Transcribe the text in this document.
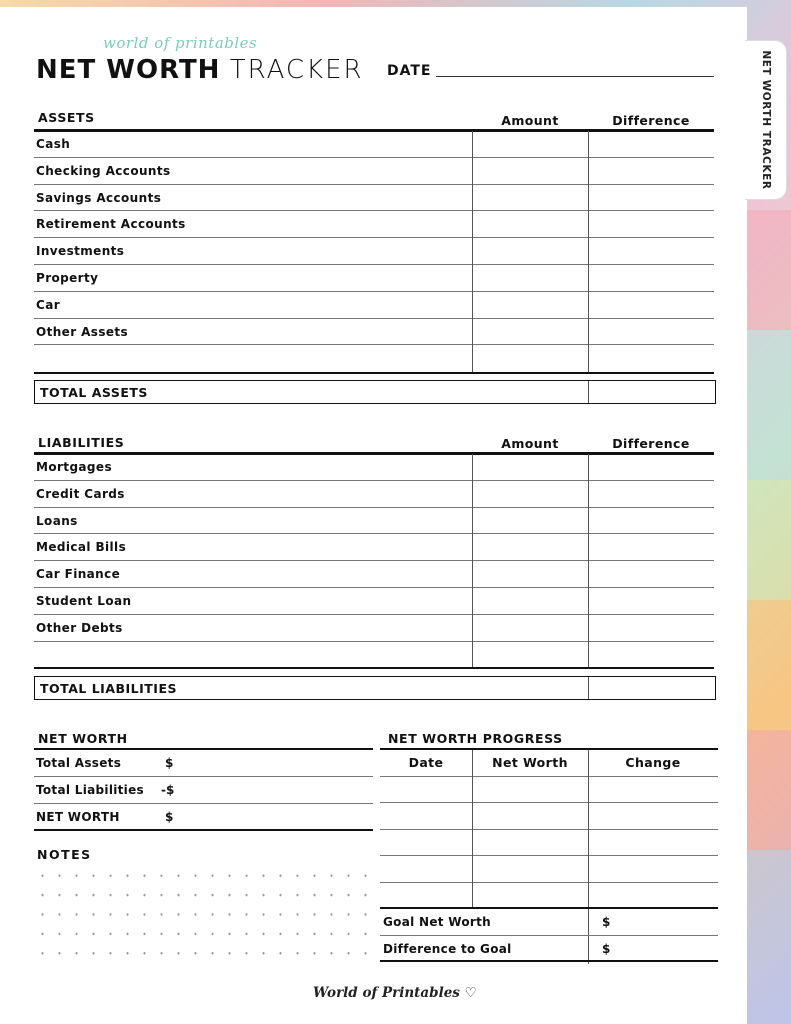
NET WORTH TRACKER
world of printables
NET WORTH TRACKER DATE
ASSETS	Amount	Difference
Cash
Checking Accounts
Savings Accounts
Retirement Accounts
Investments
Property
Car
Other Assets
TOTAL ASSETS
LIABILITIES	Amount	Difference
Mortgages
Credit Cards
Loans
Medical Bills
Car Finance
Student Loan
Other Debts
TOTAL LIABILITIES
NET WORTH
Total Assets	$
Total Liabilities -$
NET WORTH	$
NOTES
NET WORTH PROGRESS
Date	Net Worth	Change
Goal Net Worth	$
Difference to Goal	$
World of Printables ♡
